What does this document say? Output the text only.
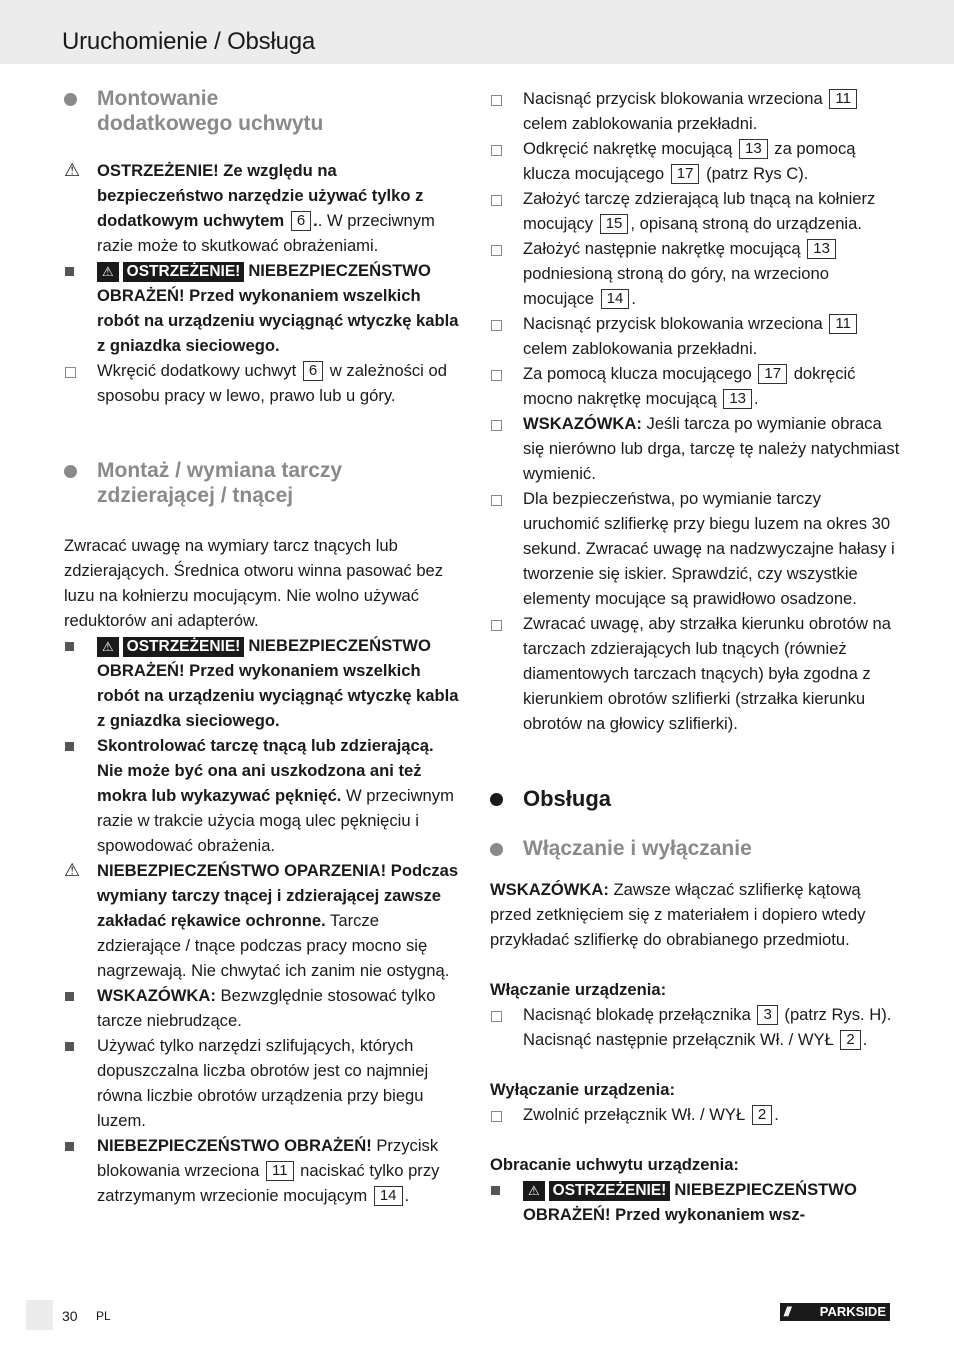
Uruchomienie / Obsługa
Montowanie dodatkowego uchwytu
⚠	OSTRZEŻENIE! Ze względu na bezpieczeństwo narzędzie używać tylko z dodatkowym uchwytem 6 .. W przeciwnym razie może to skutkować obrażeniami.
⚠ OSTRZEŻENIE! NIEBEZPIECZEŃSTWO OBRAŻEŃ! Przed wykonaniem wszelkich robót na urządzeniu wyciągnąć wtyczkę kabla z gniazdka sieciowego.
Wkręcić dodatkowy uchwyt 6 w zależności od sposobu pracy w lewo, prawo lub u góry.
Montaż / wymiana tarczy zdzierającej / tnącej

Zwracać uwagę na wymiary tarcz tnących lub zdzierających. Średnica otworu winna pasować bez luzu na kołnierzu mocującym. Nie wolno używać reduktorów ani adapterów.

⚠ OSTRZEŻENIE! NIEBEZPIECZEŃSTWO OBRAŻEŃ! Przed wykonaniem wszelkich robót na urządzeniu wyciągnąć wtyczkę kabla z gniazdka sieciowego.
Skontrolować tarczę tnącą lub zdzierającą. Nie może być ona ani uszkodzona ani też mokra lub wykazywać pęknięć. W przeciwnym razie w trakcie użycia mogą ulec pęknięciu i spowodować obrażenia.
⚠	NIEBEZPIECZEŃSTWO OPARZENIA! Podczas wymiany tarczy tnącej i zdzierającej zawsze zakładać rękawice ochronne. Tarcze zdzierające / tnące podczas pracy mocno się nagrzewają. Nie chwytać ich zanim nie ostygną.
WSKAZÓWKA: Bezwzględnie stosować tylko tarcze niebrudzące.
Używać tylko narzędzi szlifujących, których dopuszczalna liczba obrotów jest co najmniej równa liczbie obrotów urządzenia przy biegu luzem.
NIEBEZPIECZEŃSTWO OBRAŻEŃ! Przycisk blokowania wrzeciona 11 naciskać tylko przy zatrzymanym wrzecionie mocującym 14 .
Nacisnąć przycisk blokowania wrzeciona 11 celem zablokowania przekładni.
Odkręcić nakrętkę mocującą 13 za pomocą klucza mocującego 17 (patrz Rys C).
Założyć tarczę zdzierającą lub tnącą na kołnierz mocujący 15 , opisaną stroną do urządzenia.
Założyć następnie nakrętkę mocującą 13 podniesioną stroną do góry, na wrzeciono mocujące 14 .
Nacisnąć przycisk blokowania wrzeciona 11 celem zablokowania przekładni.
Za pomocą klucza mocującego 17 dokręcić mocno nakrętkę mocującą 13 .
WSKAZÓWKA: Jeśli tarcza po wymianie obraca się nierówno lub drga, tarczę tę należy natychmiast wymienić.
Dla bezpieczeństwa, po wymianie tarczy uruchomić szlifierkę przy biegu luzem na okres 30 sekund. Zwracać uwagę na nadzwyczajne hałasy i tworzenie się iskier. Sprawdzić, czy wszystkie elementy mocujące są prawidłowo osadzone.
Zwracać uwagę, aby strzałka kierunku obrotów na tarczach zdzierających lub tnących (również diamentowych tarczach tnących) była zgodna z kierunkiem obrotów szlifierki (strzałka kierunku obrotów na głowicy szlifierki).
Obsługa
Włączanie i wyłączanie

WSKAZÓWKA: Zawsze włączać szlifierkę kątową przed zetknięciem się z materiałem i dopiero wtedy przykładać szlifierkę do obrabianego przedmiotu.

Włączanie urządzenia:

Nacisnąć blokadę przełącznika 3 (patrz Rys. H). Nacisnąć następnie przełącznik Wł. / WYŁ 2 .

Wyłączanie urządzenia:

Zwolnić przełącznik Wł. / WYŁ 2 .

Obracanie uchwytu urządzenia:

⚠ OSTRZEŻENIE! NIEBEZPIECZEŃSTWO OBRAŻEŃ! Przed wykonaniem wsz-
30 PL	/// PARKSIDE
